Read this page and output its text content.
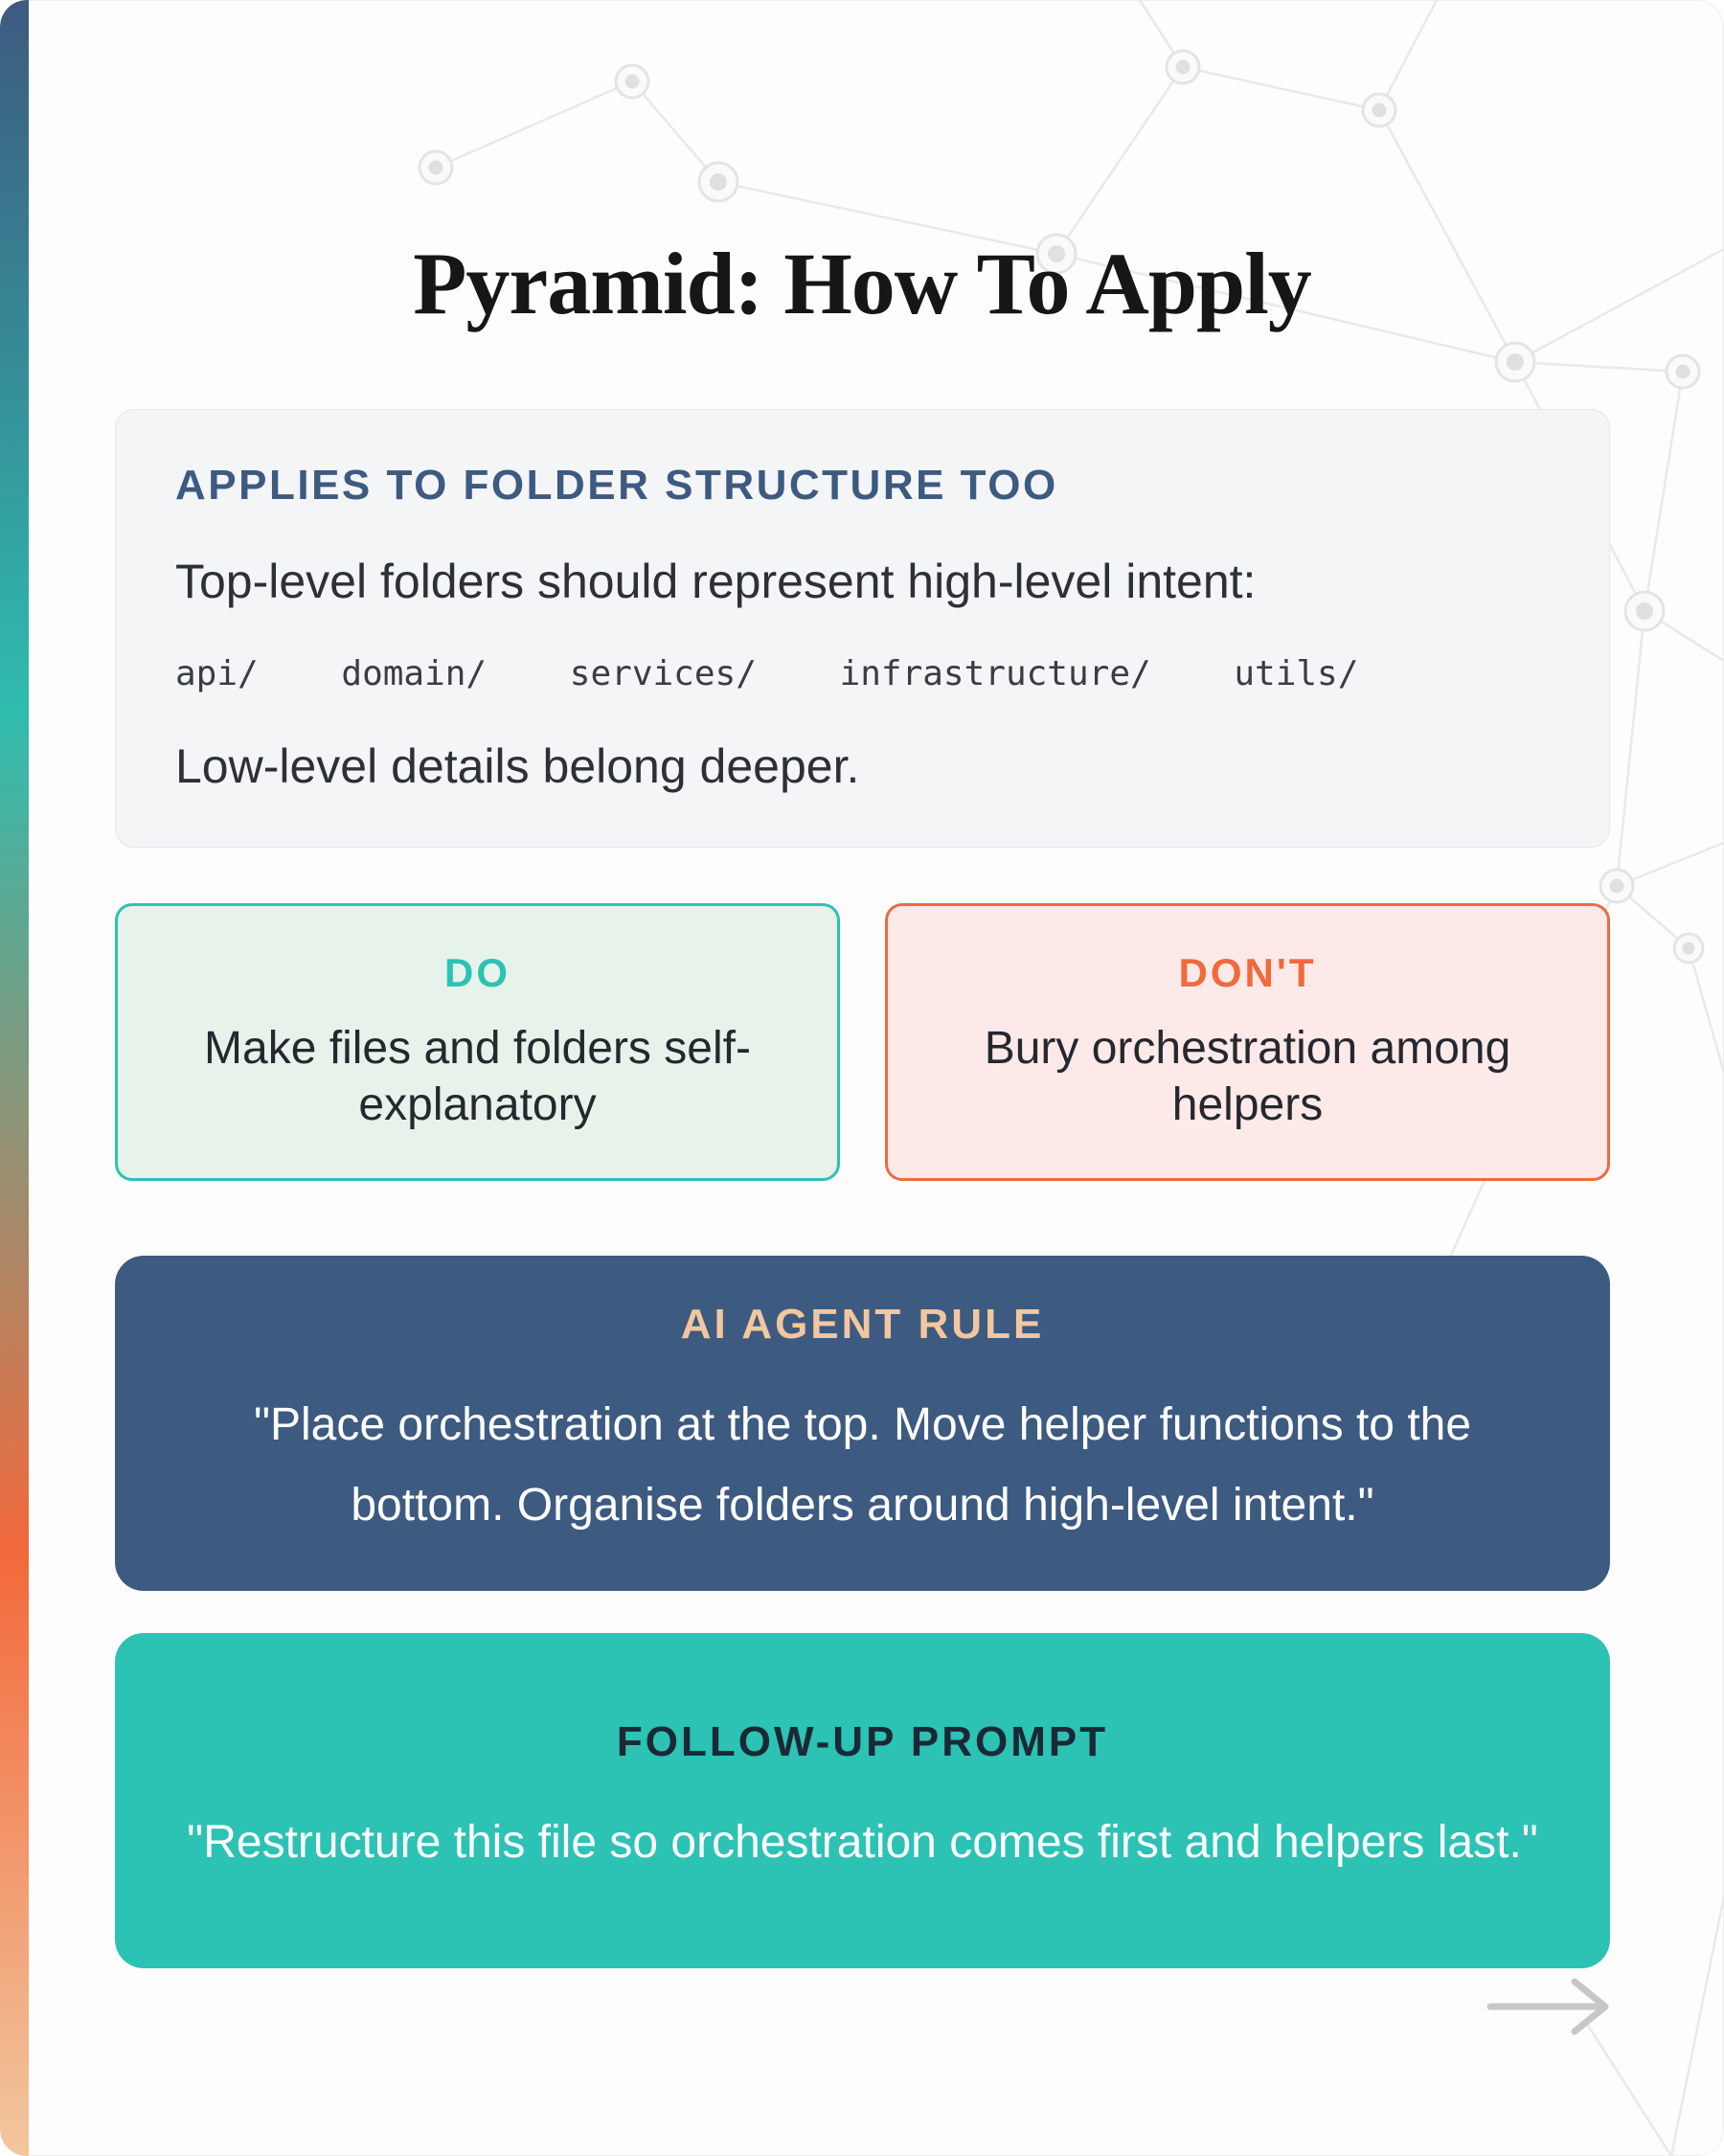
Pyramid: How To Apply
APPLIES TO FOLDER STRUCTURE TOO

Top-level folders should represent high-level intent:

api/    domain/    services/    infrastructure/    utils/

Low-level details belong deeper.

DO

Make files and folders self-explanatory

DON'T

Bury orchestration among helpers

AI AGENT RULE

"Place orchestration at the top. Move helper functions to the bottom. Organise folders around high-level intent."

FOLLOW-UP PROMPT

"Restructure this file so orchestration comes first and helpers last."
